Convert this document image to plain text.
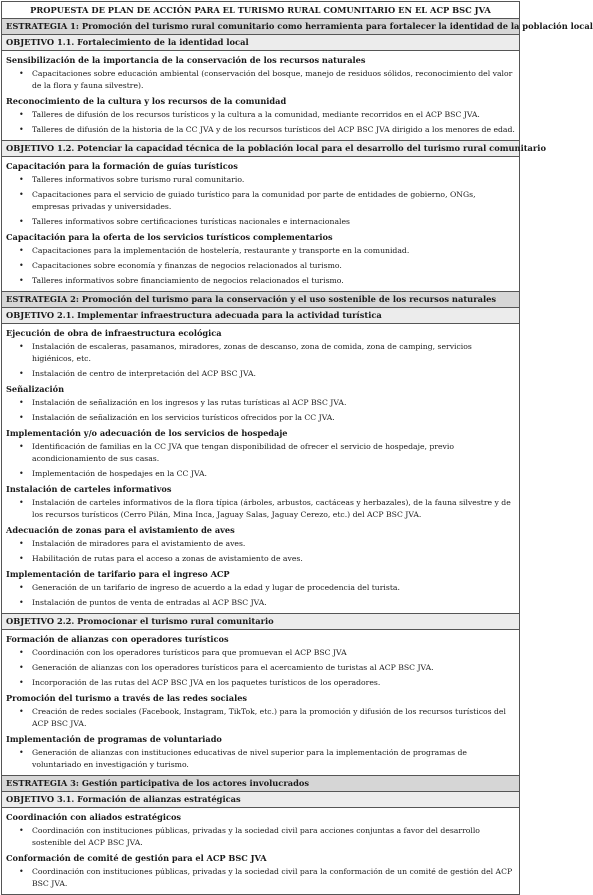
PROPUESTA DE PLAN DE ACCIÓN PARA EL TURISMO RURAL COMUNITARIO EN EL ACP BSC JVA
ESTRATEGIA 1: Promoción del turismo rural comunitario como herramienta para fortalecer la identidad de la población local
OBJETIVO 1.1. Fortalecimiento de la identidad local
Sensibilización de la importancia de la conservación de los recursos naturales
• Capacitaciones sobre educación ambiental (conservación del bosque, manejo de residuos sólidos, reconocimiento del valor de la flora y fauna silvestre).
Reconocimiento de la cultura y los recursos de la comunidad
• Talleres de difusión de los recursos turísticos y la cultura a la comunidad, mediante recorridos en el ACP BSC JVA.
• Talleres de difusión de la historia de la CC JVA y de los recursos turísticos del ACP BSC JVA dirigido a los menores de edad.
OBJETIVO 1.2. Potenciar la capacidad técnica de la población local para el desarrollo del turismo rural comunitario
Capacitación para la formación de guías turísticos
• Talleres informativos sobre turismo rural comunitario.
• Capacitaciones para el servicio de guiado turístico para la comunidad por parte de entidades de gobierno, ONGs, empresas privadas y universidades.
• Talleres informativos sobre certificaciones turísticas nacionales e internacionales
Capacitación para la oferta de los servicios turísticos complementarios
• Capacitaciones para la implementación de hostelería, restaurante y transporte en la comunidad.
• Capacitaciones sobre economía y finanzas de negocios relacionados al turismo.
• Talleres informativos sobre financiamiento de negocios relacionados el turismo.
ESTRATEGIA 2: Promoción del turismo para la conservación y el uso sostenible de los recursos naturales
OBJETIVO 2.1. Implementar infraestructura adecuada para la actividad turística
Ejecución de obra de infraestructura ecológica
• Instalación de escaleras, pasamanos, miradores, zonas de descanso, zona de comida, zona de camping, servicios higiénicos, etc.
• Instalación de centro de interpretación del ACP BSC JVA.
Señalización
• Instalación de señalización en los ingresos y las rutas turísticas al ACP BSC JVA.
• Instalación de señalización en los servicios turísticos ofrecidos por la CC JVA.
Implementación y/o adecuación de los servicios de hospedaje
• Identificación de familias en la CC JVA que tengan disponibilidad de ofrecer el servicio de hospedaje, previo acondicionamiento de sus casas.
• Implementación de hospedajes en la CC JVA.
Instalación de carteles informativos
• Instalación de carteles informativos de la flora típica (árboles, arbustos, cactáceas y herbazales), de la fauna silvestre y de los recursos turísticos (Cerro Pilán, Mina Inca, Jaguay Salas, Jaguay Cerezo, etc.) del ACP BSC JVA.
Adecuación de zonas para el avistamiento de aves
• Instalación de miradores para el avistamiento de aves.
• Habilitación de rutas para el acceso a zonas de avistamiento de aves.
Implementación de tarifario para el ingreso ACP
• Generación de un tarifario de ingreso de acuerdo a la edad y lugar de procedencia del turista.
• Instalación de puntos de venta de entradas al ACP BSC JVA.
OBJETIVO 2.2. Promocionar el turismo rural comunitario
Formación de alianzas con operadores turísticos
• Coordinación con los operadores turísticos para que promuevan el ACP BSC JVA
• Generación de alianzas con los operadores turísticos para el acercamiento de turistas al ACP BSC JVA.
• Incorporación de las rutas del ACP BSC JVA en los paquetes turísticos de los operadores.
Promoción del turismo a través de las redes sociales
• Creación de redes sociales (Facebook, Instagram, TikTok, etc.) para la promoción y difusión de los recursos turísticos del ACP BSC JVA.
Implementación de programas de voluntariado
• Generación de alianzas con instituciones educativas de nivel superior para la implementación de programas de voluntariado en investigación y turismo.
ESTRATEGIA 3: Gestión participativa de los actores involucrados
OBJETIVO 3.1. Formación de alianzas estratégicas
Coordinación con aliados estratégicos
• Coordinación con instituciones públicas, privadas y la sociedad civil para acciones conjuntas a favor del desarrollo sostenible del ACP BSC JVA.
Conformación de comité de gestión para el ACP BSC JVA
• Coordinación con instituciones públicas, privadas y la sociedad civil para la conformación de un comité de gestión del ACP BSC JVA.
